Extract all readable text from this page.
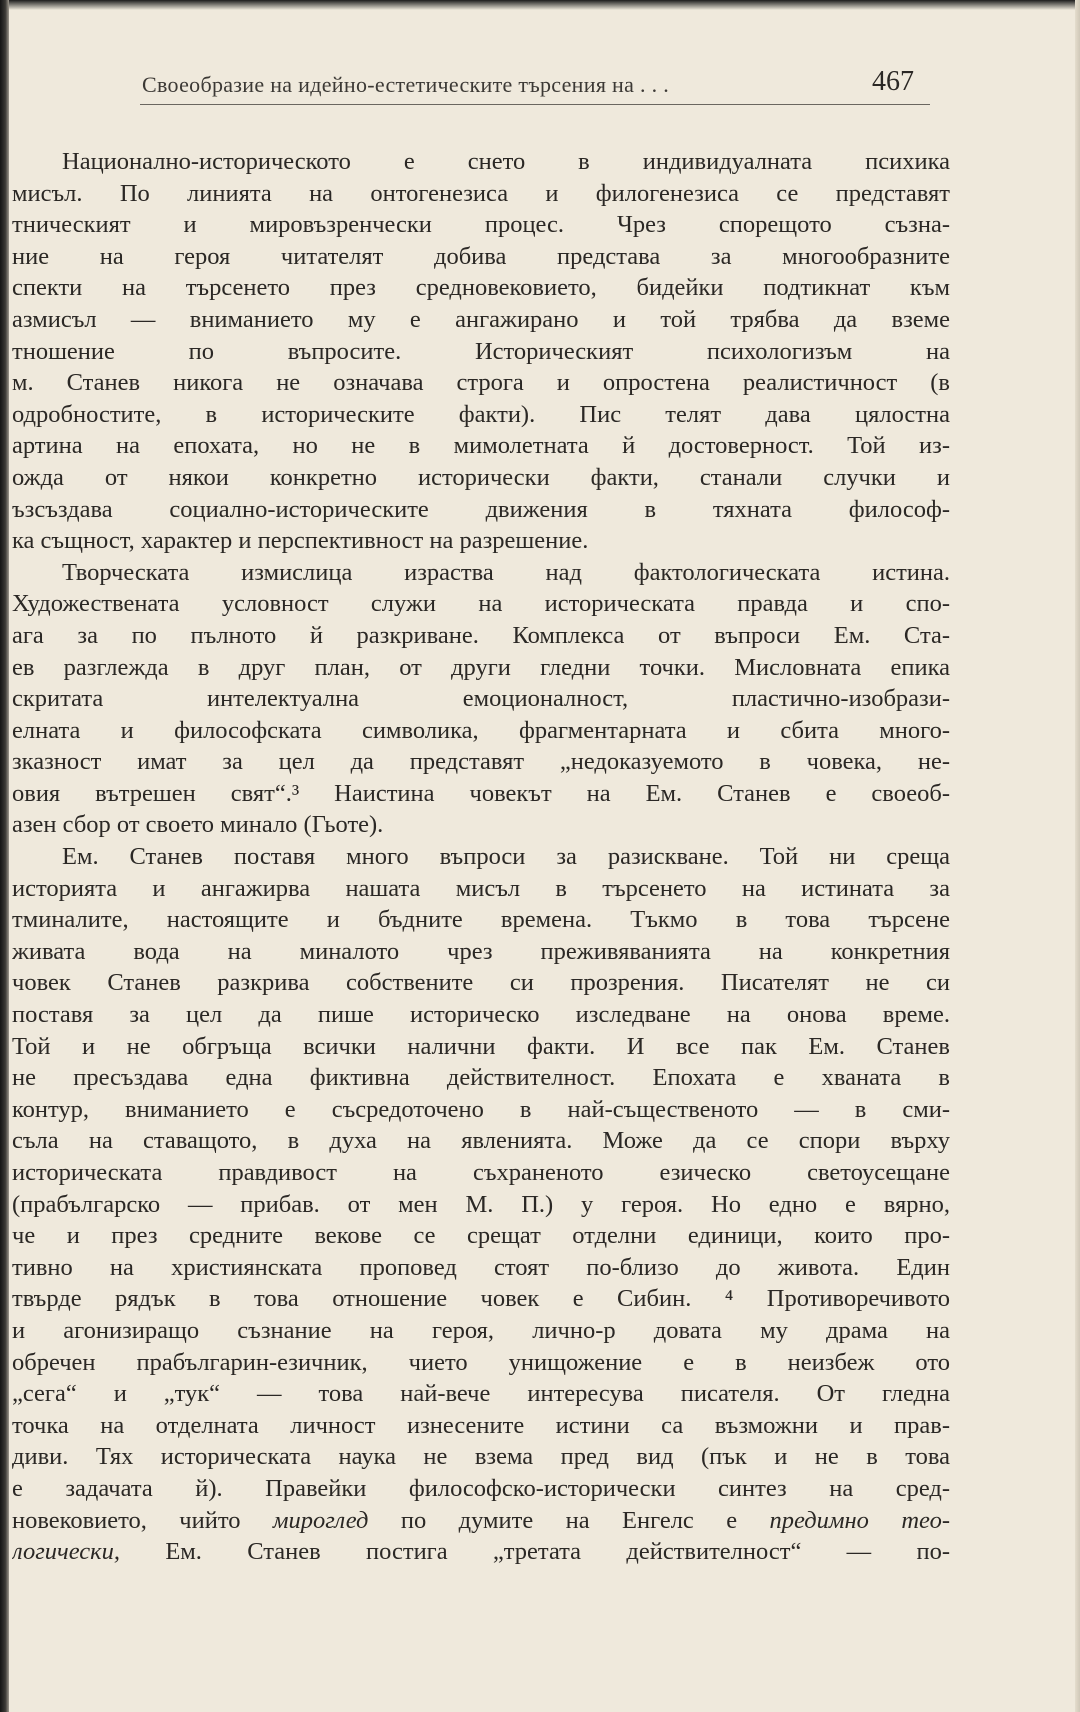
Своеобразие на идейно-естетическите търсения на . . .	467
Национално-историческото е снето в индивидуалната психика
мисъл. По линията на онтогенезиса и филогенезиса се представят
тническият и мировъзренчески процес. Чрез спорещото съзна-
ние на героя читателят добива представа за многообразните
спекти на търсенето през средновековието, бидейки подтикнат към
азмисъл — вниманието му е ангажирано и той трябва да вземе
тношение по въпросите. Историческият психологизъм на
м. Станев никога не означава строга и опростена реалистичност (в
одробностите, в историческите факти). Пис телят дава цялостна
артина на епохата, но не в мимолетната й достоверност. Той из-
ожда от някои конкретно исторически факти, станали случки и
ъзсъздава социално-историческите движения в тяхната философ-
ка същност, характер и перспективност на разрешение.
Творческата измислица израства над фактологическата истина.
Художествената условност служи на историческата правда и спо-
ага за по пълното й разкриване. Комплекса от въпроси Ем. Ста-
ев разглежда в друг план, от други гледни точки. Мисловната епика
скритата интелектуална емоционалност, пластично-изобрази-
елната и философската символика, фрагментарната и сбита много-
зказност имат за цел да представят „недоказуемото в човека, не-
овия вътрешен свят“.³ Наистина човекът на Ем. Станев е своеоб-
азен сбор от своето минало (Гьоте).
Ем. Станев поставя много въпроси за разискване. Той ни среща
историята и ангажирва нашата мисъл в търсенето на истината за
тминалите, настоящите и бъдните времена. Тъкмо в това търсене
живата вода на миналото чрез преживяванията на конкретния
човек Станев разкрива собствените си прозрения. Писателят не си
поставя за цел да пише историческо изследване на онова време.
Той и не обгръща всички налични факти. И все пак Ем. Станев
не пресъздава една фиктивна действителност. Епохата е хваната в
контур, вниманието е съсредоточено в най-същественото — в сми-
съла на ставащото, в духа на явленията. Може да се спори върху
историческата правдивост на съхраненото езическо светоусещане
(прабългарско — прибав. от мен М. П.) у героя. Но едно е вярно,
че и през средните векове се срещат отделни единици, които про-
тивно на християнската проповед стоят по-близо до живота. Един
твърде рядък в това отношение човек е Сибин. ⁴ Противоречивото
и агонизиращо съзнание на героя, лично-р довата му драма на
обречен прабългарин-езичник, чието унищожение е в неизбеж ото
„сега“ и „тук“ — това най-вече интересува писателя. От гледна
точка на отделната личност изнесените истини са възможни и прав-
диви. Тях историческата наука не взема пред вид (пък и не в това
е задачата й). Правейки философско-исторически синтез на сред-
новековието, чийто мироглед по думите на Енгелс е предимно тео-
логически, Ем. Станев постига „третата действителност“ — по-
